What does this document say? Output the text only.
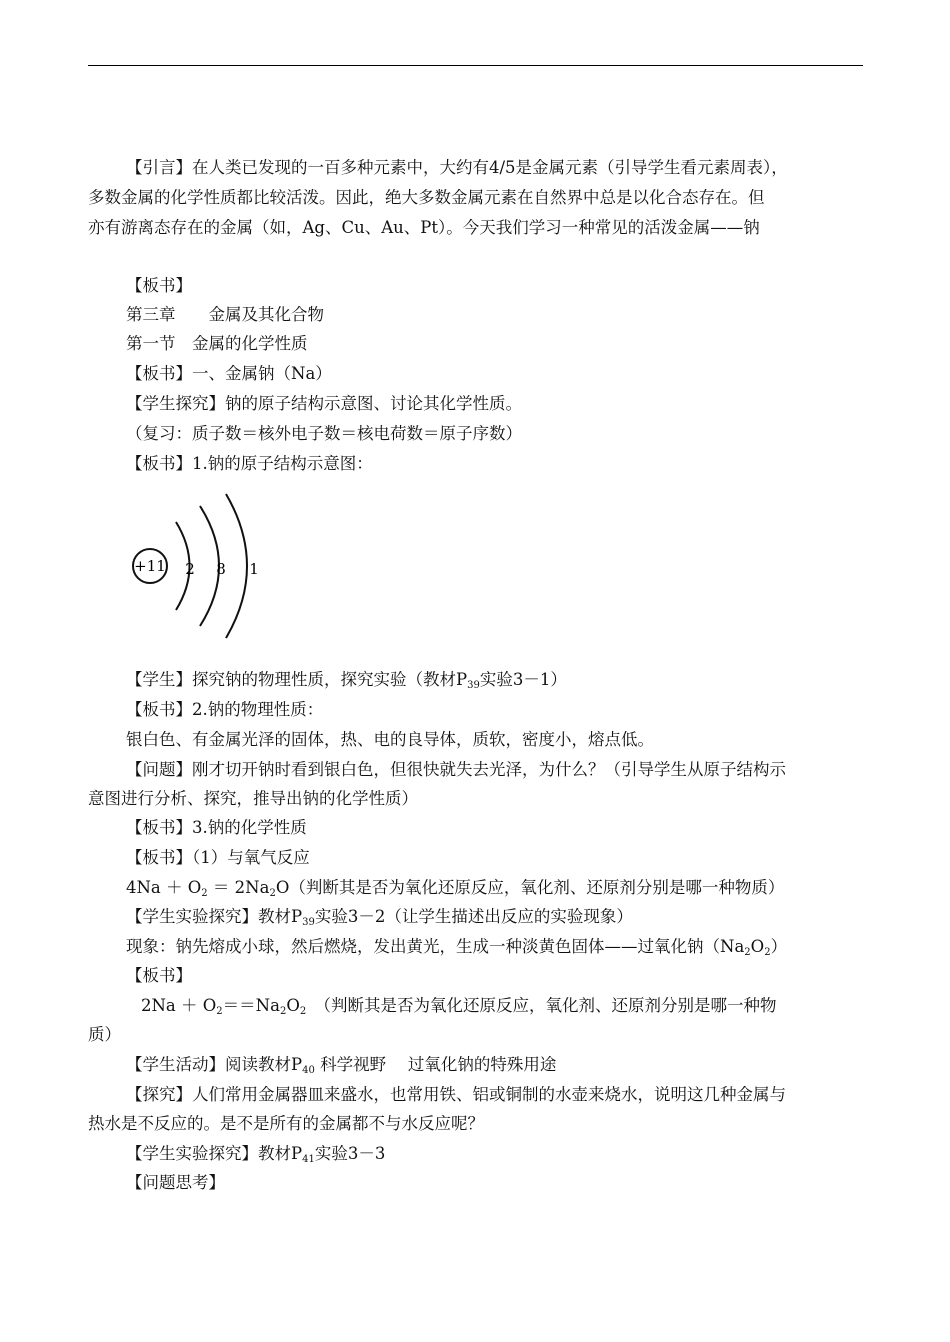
【引言】在人类已发现的一百多种元素中，大约有4/5是金属元素（引导学生看元素周表），
多数金属的化学性质都比较活泼。因此，绝大多数金属元素在自然界中总是以化合态存在。但
亦有游离态存在的金属（如，Ag、Cu、Au、Pt）。今天我们学习一种常见的活泼金属——钠
【板书】
第三章　　金属及其化合物
第一节　金属的化学性质
【板书】一、金属钠（Na）
【学生探究】钠的原子结构示意图、讨论其化学性质。
（复习：质子数＝核外电子数＝核电荷数＝原子序数）
【板书】1.钠的原子结构示意图：
+11 2 8 1
【学生】探究钠的物理性质，探究实验（教材$P_{39}$实验3－1）
【板书】2.钠的物理性质：
银白色、有金属光泽的固体，热、电的良导体，质软，密度小，熔点低。
【问题】刚才切开钠时看到银白色，但很快就失去光泽，为什么？（引导学生从原子结构示
意图进行分析、探究，推导出钠的化学性质）
【板书】3.钠的化学性质
【板书】（1）与氧气反应
$4Na + O_2 = 2Na_2O$（判断其是否为氧化还原反应，氧化剂、还原剂分别是哪一种物质）
【学生实验探究】教材$P_{39}$实验3－2（让学生描述出反应的实验现象）
现象：钠先熔成小球，然后燃烧，发出黄光，生成一种淡黄色固体——过氧化钠$(Na_2O_2)$
【板书】
$2Na + O_2==Na_2O_2$　（判断其是否为氧化还原反应，氧化剂、还原剂分别是哪一种物
质）
【学生活动】阅读教材$P_{40}$ 科学视野　 过氧化钠的特殊用途
【探究】人们常用金属器皿来盛水，也常用铁、铝或铜制的水壶来烧水，说明这几种金属与
热水是不反应的。是不是所有的金属都不与水反应呢？
【学生实验探究】教材$P_{41}$实验3－3
【问题思考】
